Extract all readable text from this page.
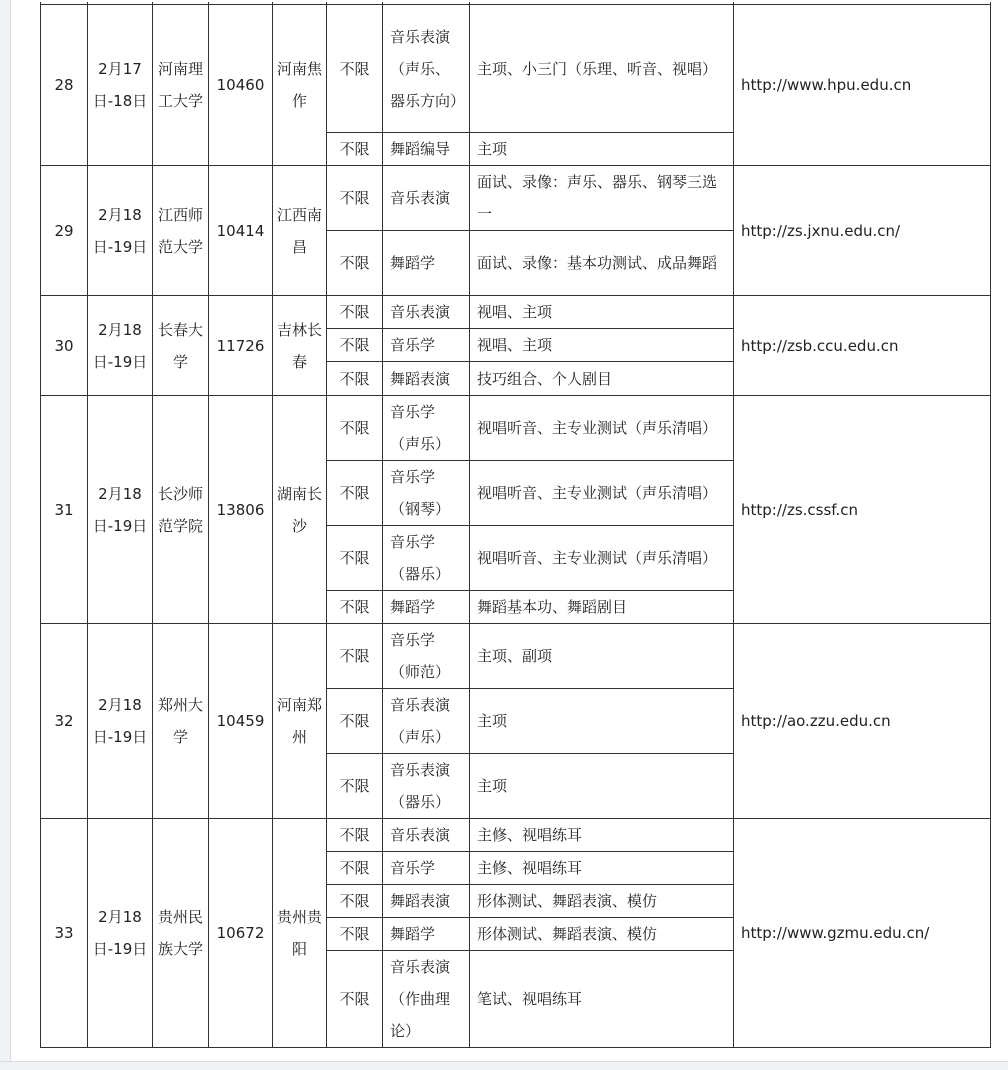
28	2月17日-18日	河南理工大学	10460	河南焦作	不限	音乐表演（声乐、器乐方向）	主项、小三门（乐理、听音、视唱）	http://www.hpu.edu.cn
					不限	舞蹈编导	主项	
29	2月18日-19日	江西师范大学	10414	江西南昌	不限	音乐表演	面试、录像：声乐、器乐、钢琴三选一	http://zs.jxnu.edu.cn/
					不限	舞蹈学	面试、录像：基本功测试、成品舞蹈	
30	2月18日-19日	长春大学	11726	吉林长春	不限	音乐表演	视唱、主项	http://zsb.ccu.edu.cn
					不限	音乐学	视唱、主项	
					不限	舞蹈表演	技巧组合、个人剧目	
31	2月18日-19日	长沙师范学院	13806	湖南长沙	不限	音乐学（声乐）	视唱听音、主专业测试（声乐清唱）	http://zs.cssf.cn
					不限	音乐学（钢琴）	视唱听音、主专业测试（声乐清唱）	
					不限	音乐学（器乐）	视唱听音、主专业测试（声乐清唱）	
					不限	舞蹈学	舞蹈基本功、舞蹈剧目	
32	2月18日-19日	郑州大学	10459	河南郑州	不限	音乐学（师范）	主项、副项	http://ao.zzu.edu.cn
					不限	音乐表演（声乐）	主项	
					不限	音乐表演（器乐）	主项	
33	2月18日-19日	贵州民族大学	10672	贵州贵阳	不限	音乐表演	主修、视唱练耳	http://www.gzmu.edu.cn/
					不限	音乐学	主修、视唱练耳	
					不限	舞蹈表演	形体测试、舞蹈表演、模仿	
					不限	舞蹈学	形体测试、舞蹈表演、模仿	
					不限	音乐表演（作曲理论）	笔试、视唱练耳	
